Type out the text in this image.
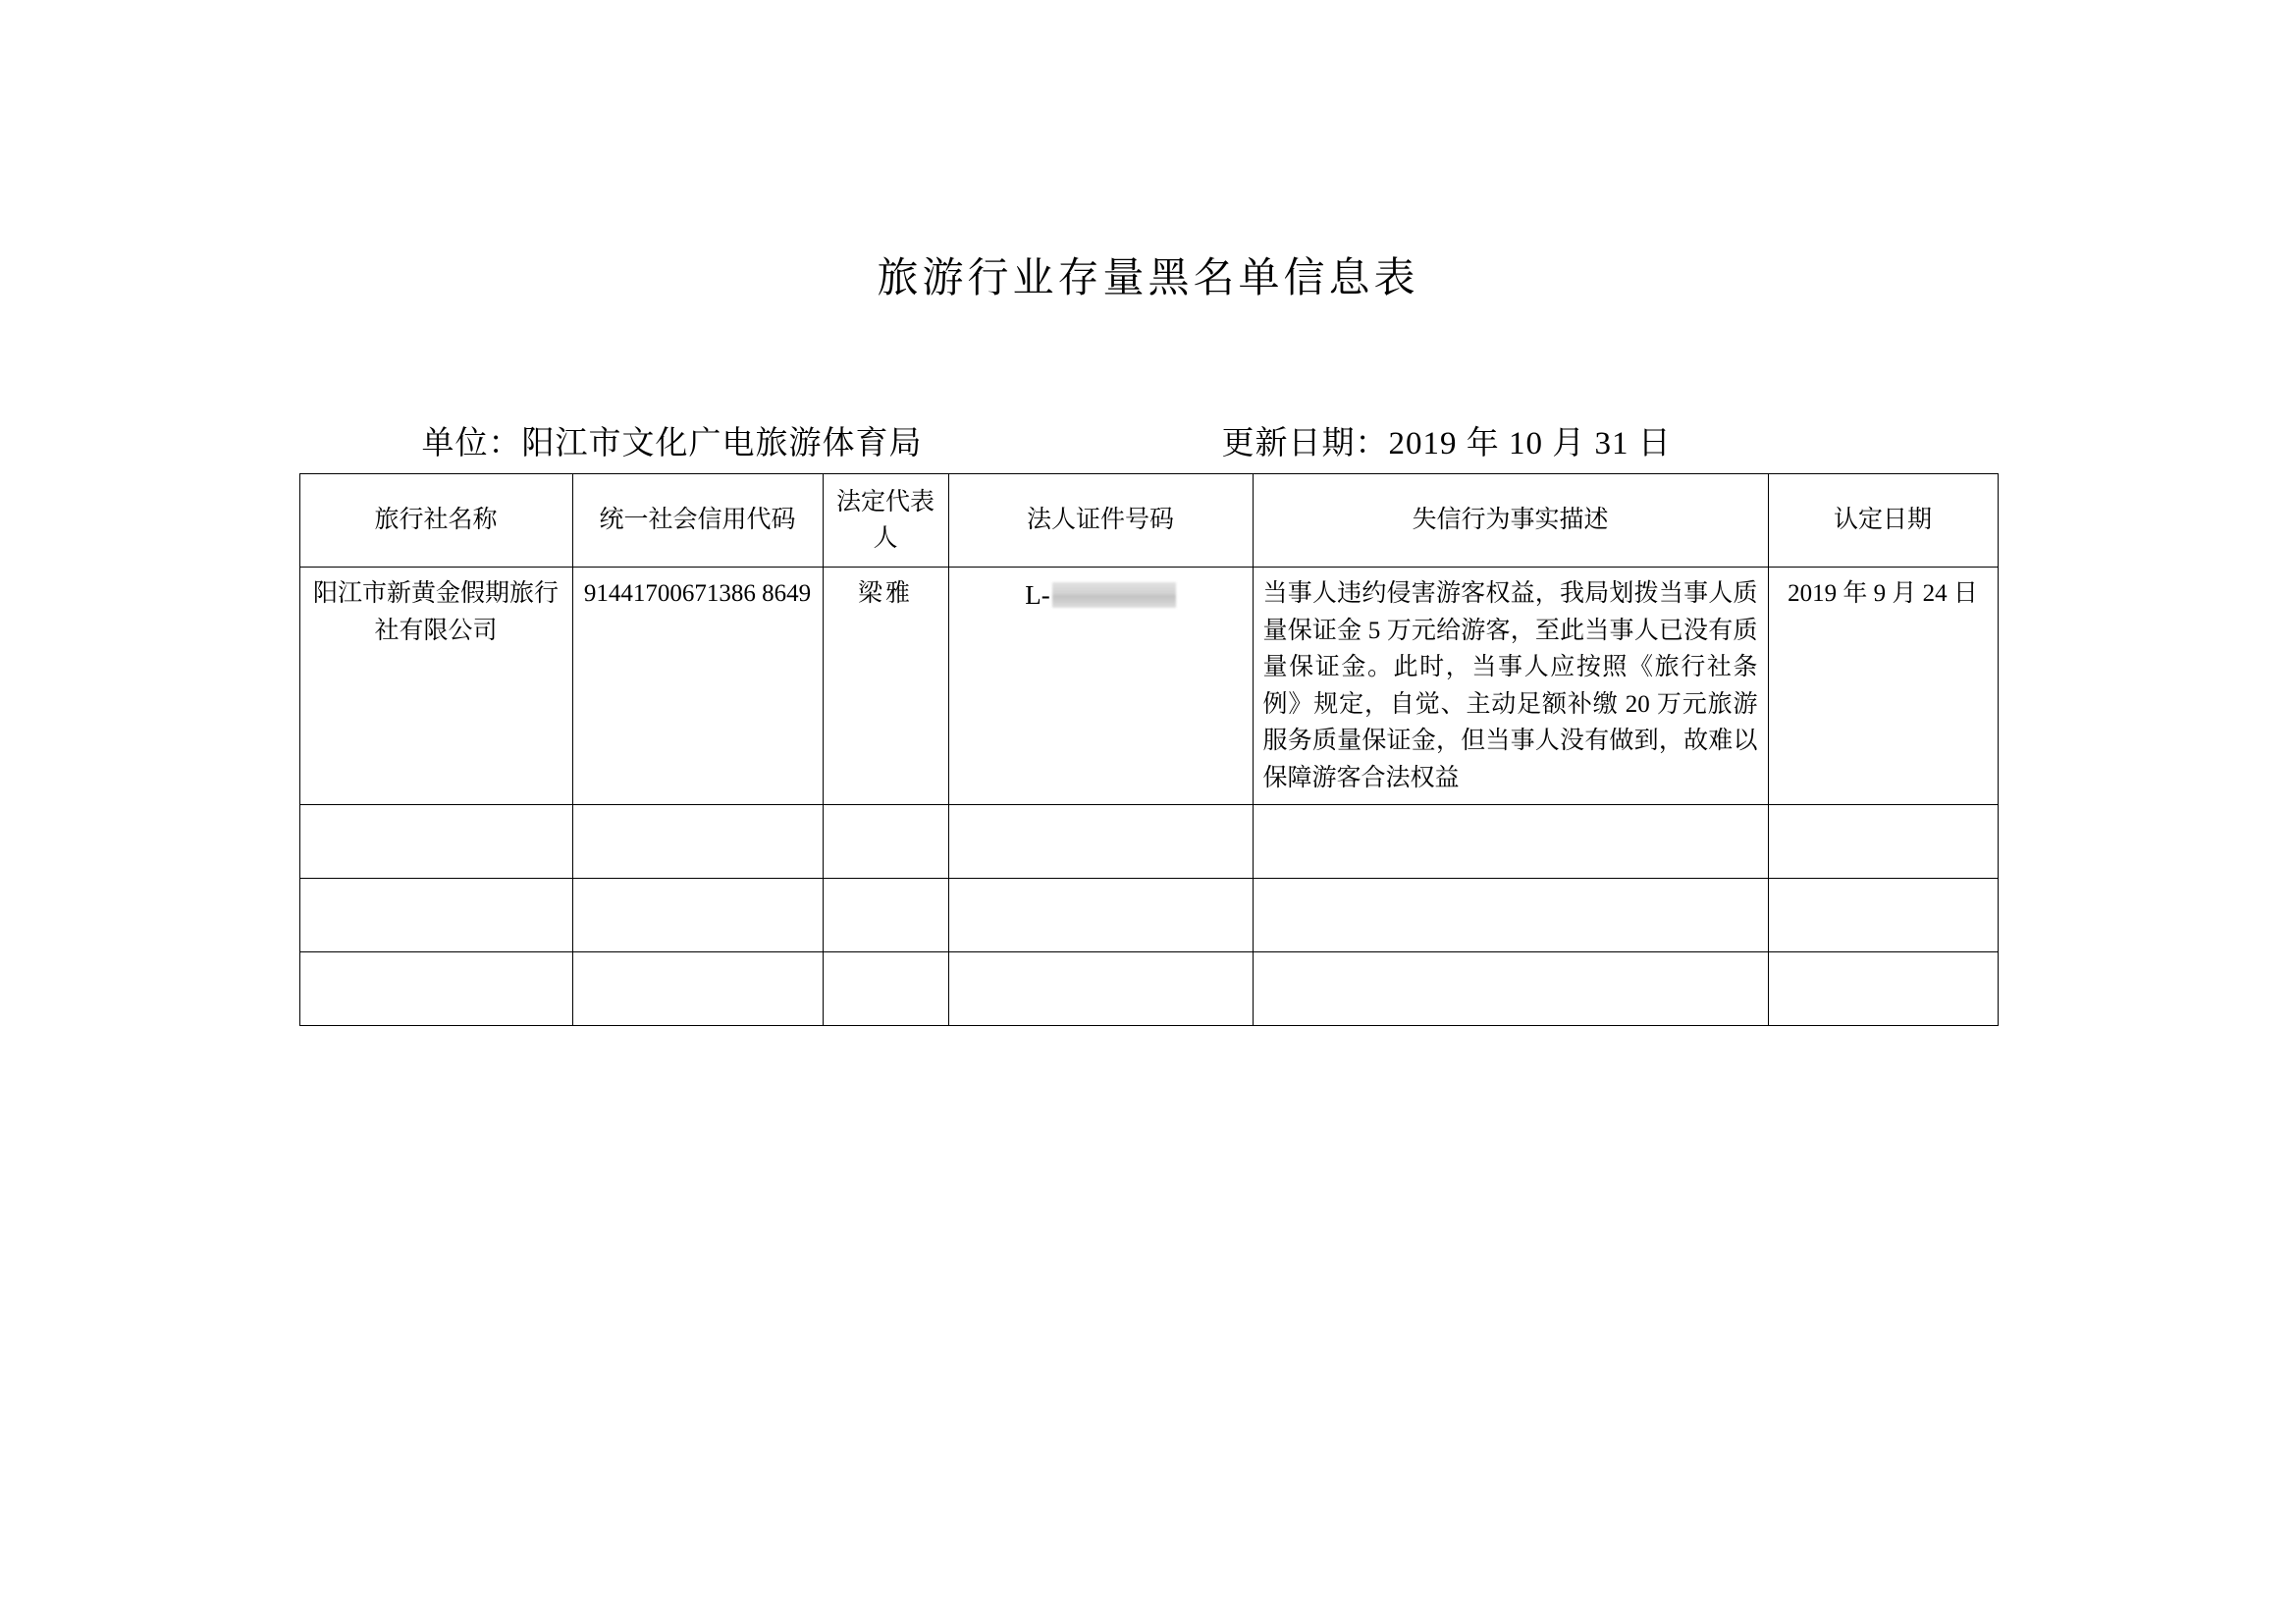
旅游行业存量黑名单信息表
单位：阳江市文化广电旅游体育局	更新日期：2019 年 10 月 31 日
旅行社名称	统一社会信用代码	法定代表人	法人证件号码	失信行为事实描述	认定日期
阳江市新黄金假期旅行社有限公司	91441700671386 8649	梁雅	L-	当事人违约侵害游客权益，我局划拨当事人质量保证金 5 万元给游客，至此当事人已没有质量保证金。此时，当事人应按照《旅行社条例》规定，自觉、主动足额补缴 20 万元旅游服务质量保证金，但当事人没有做到，故难以保障游客合法权益	2019 年 9 月 24 日
